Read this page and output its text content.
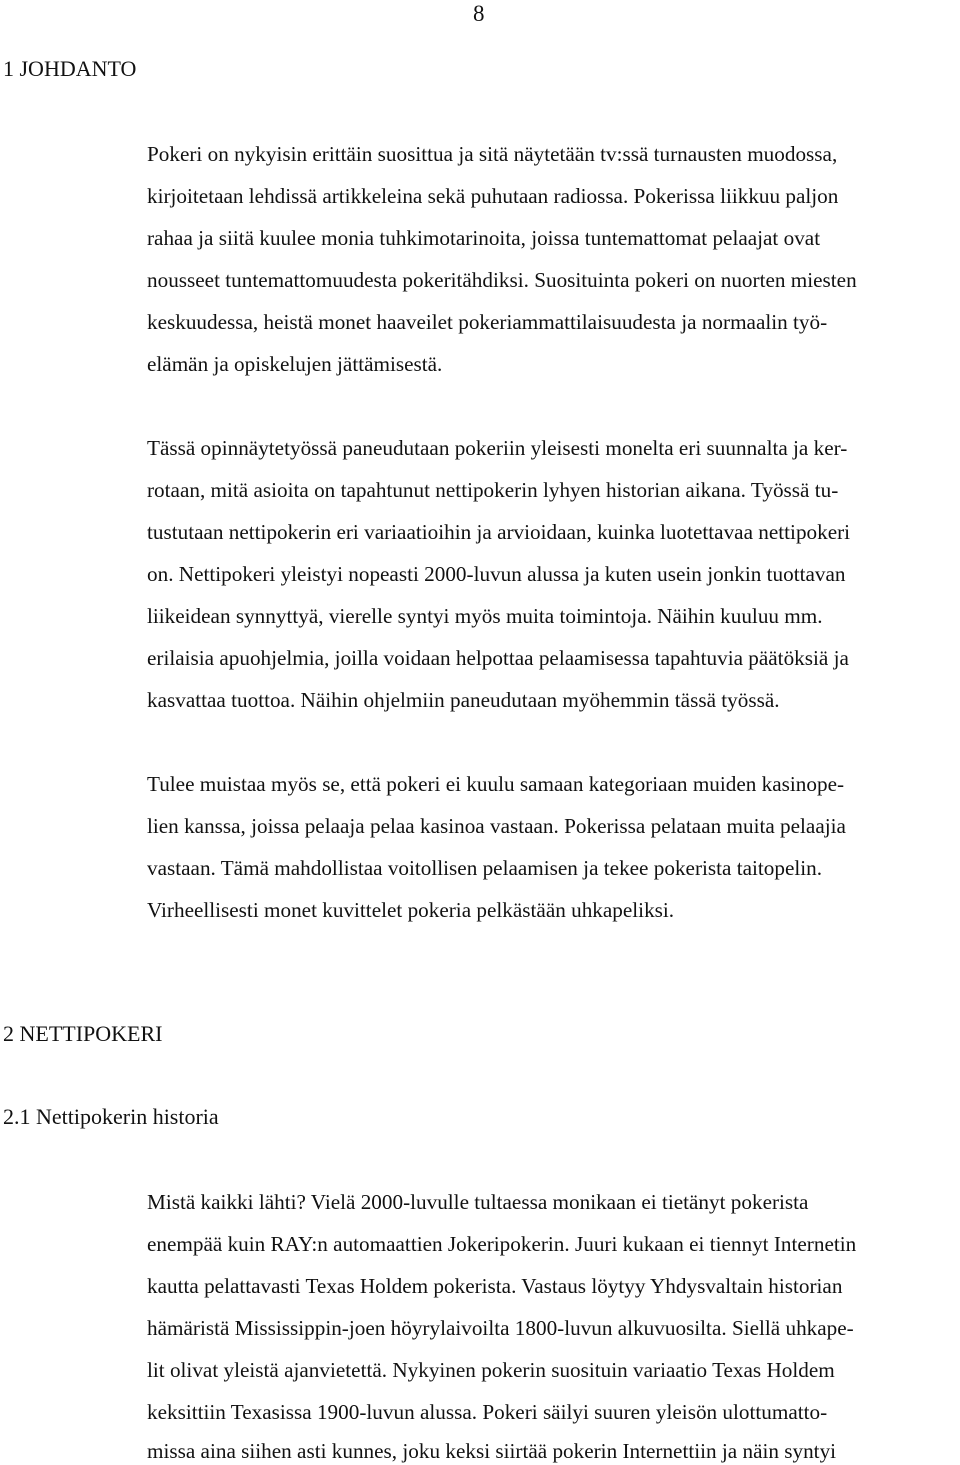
8
1 JOHDANTO
Pokeri on nykyisin erittäin suosittua ja sitä näytetään tv:ssä turnausten muodossa,
kirjoitetaan lehdissä artikkeleina sekä puhutaan radiossa. Pokerissa liikkuu paljon
rahaa ja siitä kuulee monia tuhkimotarinoita, joissa tuntemattomat pelaajat ovat
nousseet tuntemattomuudesta pokeritähdiksi. Suosituinta pokeri on nuorten miesten
keskuudessa, heistä monet haaveilet pokeriammattilaisuudesta ja normaalin työ-
elämän ja opiskelujen jättämisestä.
Tässä opinnäytetyössä paneudutaan pokeriin yleisesti monelta eri suunnalta ja ker-
rotaan, mitä asioita on tapahtunut nettipokerin lyhyen historian aikana. Työssä tu-
tustutaan nettipokerin eri variaatioihin ja arvioidaan, kuinka luotettavaa nettipokeri
on. Nettipokeri yleistyi nopeasti 2000-luvun alussa ja kuten usein jonkin tuottavan
liikeidean synnyttyä, vierelle syntyi myös muita toimintoja. Näihin kuuluu mm.
erilaisia apuohjelmia, joilla voidaan helpottaa pelaamisessa tapahtuvia päätöksiä ja
kasvattaa tuottoa. Näihin ohjelmiin paneudutaan myöhemmin tässä työssä.
Tulee muistaa myös se, että pokeri ei kuulu samaan kategoriaan muiden kasinope-
lien kanssa, joissa pelaaja pelaa kasinoa vastaan. Pokerissa pelataan muita pelaajia
vastaan. Tämä mahdollistaa voitollisen pelaamisen ja tekee pokerista taitopelin.
Virheellisesti monet kuvittelet pokeria pelkästään uhkapeliksi.
2 NETTIPOKERI
2.1 Nettipokerin historia
Mistä kaikki lähti? Vielä 2000-luvulle tultaessa monikaan ei tietänyt pokerista
enempää kuin RAY:n automaattien Jokeripokerin. Juuri kukaan ei tiennyt Internetin
kautta pelattavasti Texas Holdem pokerista. Vastaus löytyy Yhdysvaltain historian
hämäristä Mississippin-joen höyrylaivoilta 1800-luvun alkuvuosilta. Siellä uhkape-
lit olivat yleistä ajanvietettä. Nykyinen pokerin suosituin variaatio Texas Holdem
keksittiin Texasissa 1900-luvun alussa. Pokeri säilyi suuren yleisön ulottumatto-
missa aina siihen asti kunnes, joku keksi siirtää pokerin Internettiin ja näin syntyi
